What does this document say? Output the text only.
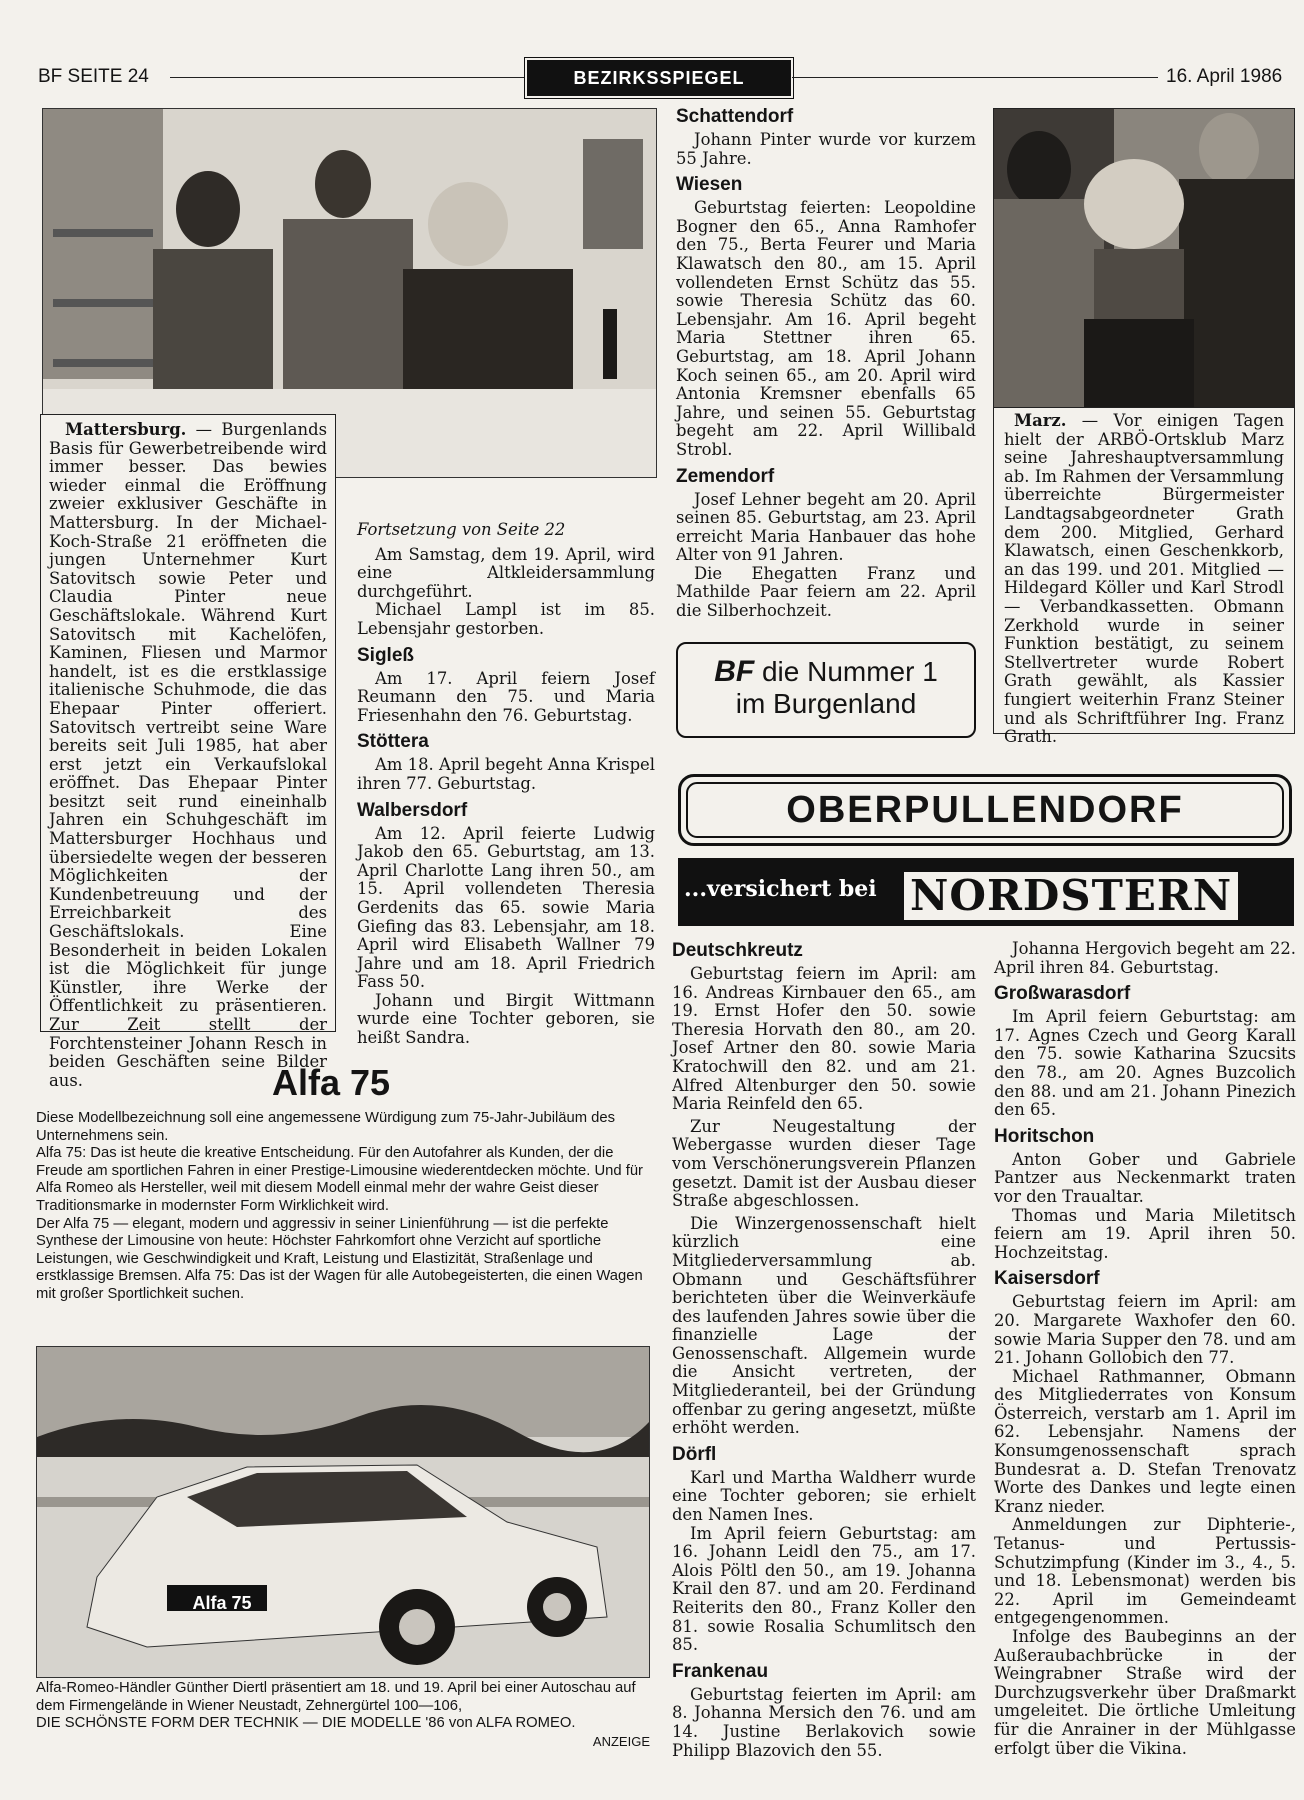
BF SEITE 24	BEZIRKSSPIEGEL	16. April 1986

Mattersburg. — Burgenlands Basis für Gewerbetreibende wird immer besser. Das bewies wieder einmal die Eröffnung zweier exklusiver Geschäfte in Mattersburg. In der Michael-Koch-Straße 21 eröffneten die jungen Unternehmer Kurt Satovitsch sowie Peter und Claudia Pinter neue Geschäftslokale. Während Kurt Satovitsch mit Kachelöfen, Kaminen, Fliesen und Marmor handelt, ist es die erstklassige italienische Schuhmode, die das Ehepaar Pinter offeriert. Satovitsch vertreibt seine Ware bereits seit Juli 1985, hat aber erst jetzt ein Verkaufslokal eröffnet. Das Ehepaar Pinter besitzt seit rund eineinhalb Jahren ein Schuhgeschäft im Mattersburger Hochhaus und übersiedelte wegen der besseren Möglichkeiten der Kundenbetreuung und der Erreichbarkeit des Geschäftslokals. Eine Besonderheit in beiden Lokalen ist die Möglichkeit für junge Künstler, ihre Werke der Öffentlichkeit zu präsentieren. Zur Zeit stellt der Forchtensteiner Johann Resch in beiden Geschäften seine Bilder aus.

Fortsetzung von Seite 22

Am Samstag, dem 19. April, wird eine Altkleidersammlung durchgeführt.

Michael Lampl ist im 85. Lebensjahr gestorben.

Sigleß

Am 17. April feiern Josef Reumann den 75. und Maria Friesenhahn den 76. Geburtstag.

Stöttera

Am 18. April begeht Anna Krispel ihren 77. Geburtstag.

Walbersdorf

Am 12. April feierte Ludwig Jakob den 65. Geburtstag, am 13. April Charlotte Lang ihren 50., am 15. April vollendeten Theresia Gerdenits das 65. sowie Maria Giefing das 83. Lebensjahr, am 18. April wird Elisabeth Wallner 79 Jahre und am 18. April Friedrich Fass 50.

Johann und Birgit Wittmann wurde eine Tochter geboren, sie heißt Sandra.

Schattendorf

Johann Pinter wurde vor kurzem 55 Jahre.

Wiesen

Geburtstag feierten: Leopoldine Bogner den 65., Anna Ramhofer den 75., Berta Feurer und Maria Klawatsch den 80., am 15. April vollendeten Ernst Schütz das 55. sowie Theresia Schütz das 60. Lebensjahr. Am 16. April begeht Maria Stettner ihren 65. Geburtstag, am 18. April Johann Koch seinen 65., am 20. April wird Antonia Kremsner ebenfalls 65 Jahre, und seinen 55. Geburtstag begeht am 22. April Willibald Strobl.

Zemendorf

Josef Lehner begeht am 20. April seinen 85. Geburtstag, am 23. April erreicht Maria Hanbauer das hohe Alter von 91 Jahren.

Die Ehegatten Franz und Mathilde Paar feiern am 22. April die Silberhochzeit.

BF die Nummer 1
im Burgenland

Marz. — Vor einigen Tagen hielt der ARBÖ-Ortsklub Marz seine Jahreshauptversammlung ab. Im Rahmen der Versammlung überreichte Bürgermeister Landtagsabgeordneter Grath dem 200. Mitglied, Gerhard Klawatsch, einen Geschenkkorb, an das 199. und 201. Mitglied — Hildegard Köller und Karl Strodl — Verbandkassetten. Obmann Zerkhold wurde in seiner Funktion bestätigt, zu seinem Stellvertreter wurde Robert Grath gewählt, als Kassier fungiert weiterhin Franz Steiner und als Schriftführer Ing. Franz Grath.

OBERPULLENDORF
...versichert bei NORDSTERN
Deutschkreutz

Geburtstag feiern im April: am 16. Andreas Kirnbauer den 65., am 19. Ernst Hofer den 50. sowie Theresia Horvath den 80., am 20. Josef Artner den 80. sowie Maria Kratochwill den 82. und am 21. Alfred Altenburger den 50. sowie Maria Reinfeld den 65.

Zur Neugestaltung der Webergasse wurden dieser Tage vom Verschönerungsverein Pflanzen gesetzt. Damit ist der Ausbau dieser Straße abgeschlossen.

Die Winzergenossenschaft hielt kürzlich eine Mitgliederversammlung ab. Obmann und Geschäftsführer berichteten über die Weinverkäufe des laufenden Jahres sowie über die finanzielle Lage der Genossenschaft. Allgemein wurde die Ansicht vertreten, der Mitgliederanteil, bei der Gründung offenbar zu gering angesetzt, müßte erhöht werden.

Dörfl

Karl und Martha Waldherr wurde eine Tochter geboren; sie erhielt den Namen Ines.

Im April feiern Geburtstag: am 16. Johann Leidl den 75., am 17. Alois Pöltl den 50., am 19. Johanna Krail den 87. und am 20. Ferdinand Reiterits den 80., Franz Koller den 81. sowie Rosalia Schumlitsch den 85.

Frankenau

Geburtstag feierten im April: am 8. Johanna Mersich den 76. und am 14. Justine Berlakovich sowie Philipp Blazovich den 55.

Johanna Hergovich begeht am 22. April ihren 84. Geburtstag.

Großwarasdorf

Im April feiern Geburtstag: am 17. Agnes Czech und Georg Karall den 75. sowie Katharina Szucsits den 78., am 20. Agnes Buzcolich den 88. und am 21. Johann Pinezich den 65.

Horitschon

Anton Gober und Gabriele Pantzer aus Neckenmarkt traten vor den Traualtar.

Thomas und Maria Miletitsch feiern am 19. April ihren 50. Hochzeitstag.

Kaisersdorf

Geburtstag feiern im April: am 20. Margarete Waxhofer den 60. sowie Maria Supper den 78. und am 21. Johann Gollobich den 77.

Michael Rathmanner, Obmann des Mitgliederrates von Konsum Österreich, verstarb am 1. April im 62. Lebensjahr. Namens der Konsumgenossenschaft sprach Bundesrat a. D. Stefan Trenovatz Worte des Dankes und legte einen Kranz nieder.

Anmeldungen zur Diphterie-, Tetanus- und Pertussis-Schutzimpfung (Kinder im 3., 4., 5. und 18. Lebensmonat) werden bis 22. April im Gemeindeamt entgegengenommen.

Infolge des Baubeginns an der Außeraubachbrücke in der Weingrabner Straße wird der Durchzugsverkehr über Draßmarkt umgeleitet. Die örtliche Umleitung für die Anrainer in der Mühlgasse erfolgt über die Vikina.

Alfa 75
Diese Modellbezeichnung soll eine angemessene Würdigung zum 75-Jahr-Jubiläum des Unternehmens sein.
Alfa 75: Das ist heute die kreative Entscheidung. Für den Autofahrer als Kunden, der die Freude am sportlichen Fahren in einer Prestige-Limousine wiederentdecken möchte. Und für Alfa Romeo als Hersteller, weil mit diesem Modell einmal mehr der wahre Geist dieser Traditionsmarke in modernster Form Wirklichkeit wird.
Der Alfa 75 — elegant, modern und aggressiv in seiner Linienführung — ist die perfekte Synthese der Limousine von heute: Höchster Fahrkomfort ohne Verzicht auf sportliche Leistungen, wie Geschwindigkeit und Kraft, Leistung und Elastizität, Straßenlage und erstklassige Bremsen. Alfa 75: Das ist der Wagen für alle Autobegeisterten, die einen Wagen mit großer Sportlichkeit suchen.
Alfa 75
Alfa-Romeo-Händler Günther Diertl präsentiert am 18. und 19. April bei einer Autoschau auf dem Firmengelände in Wiener Neustadt, Zehnergürtel 100—106,
DIE SCHÖNSTE FORM DER TECHNIK — DIE MODELLE '86 von ALFA ROMEO.
ANZEIGE
